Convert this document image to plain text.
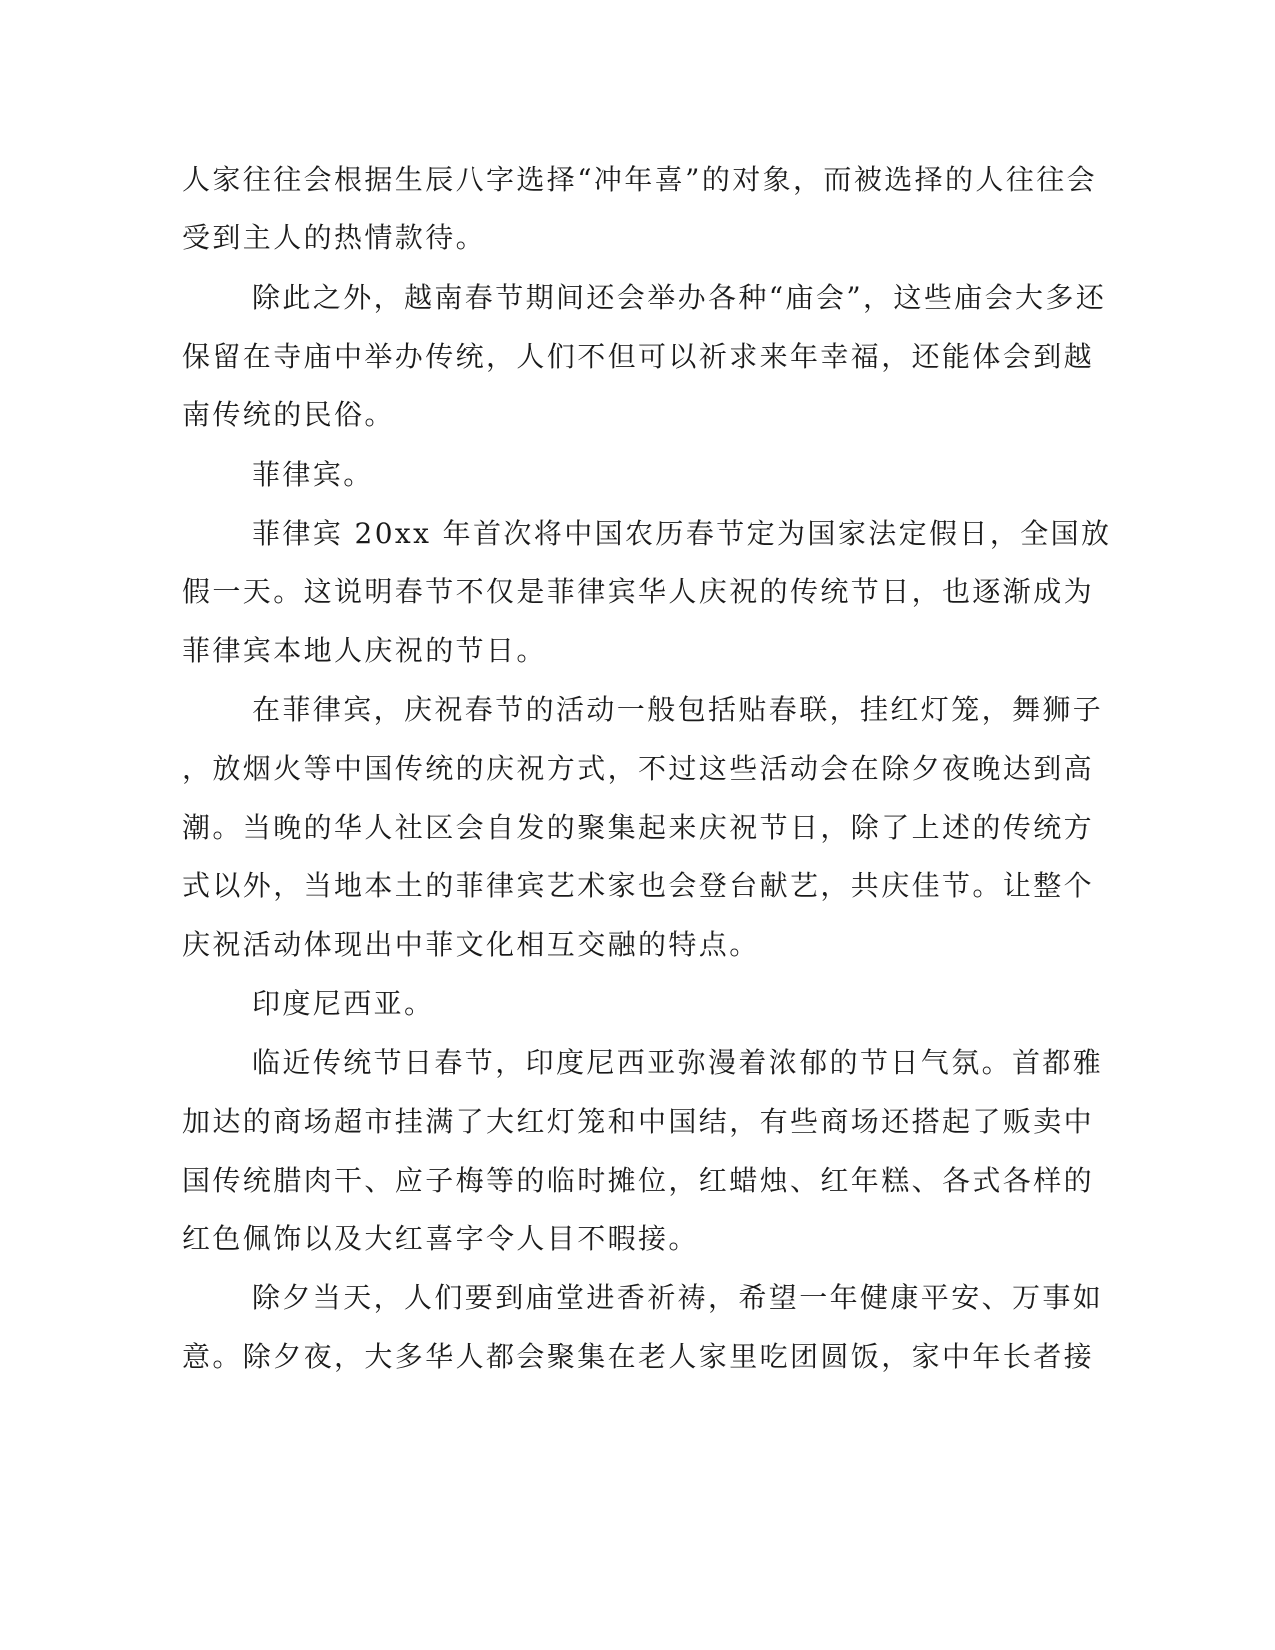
人家往往会根据生辰八字选择“冲年喜”的对象，而被选择的人往往会
受到主人的热情款待。
除此之外，越南春节期间还会举办各种“庙会”，这些庙会大多还
保留在寺庙中举办传统，人们不但可以祈求来年幸福，还能体会到越
南传统的民俗。
菲律宾。
菲律宾 20xx 年首次将中国农历春节定为国家法定假日，全国放
假一天。这说明春节不仅是菲律宾华人庆祝的传统节日，也逐渐成为
菲律宾本地人庆祝的节日。
在菲律宾，庆祝春节的活动一般包括贴春联，挂红灯笼，舞狮子
，放烟火等中国传统的庆祝方式，不过这些活动会在除夕夜晚达到高
潮。当晚的华人社区会自发的聚集起来庆祝节日，除了上述的传统方
式以外，当地本土的菲律宾艺术家也会登台献艺，共庆佳节。让整个
庆祝活动体现出中菲文化相互交融的特点。
印度尼西亚。
临近传统节日春节，印度尼西亚弥漫着浓郁的节日气氛。首都雅
加达的商场超市挂满了大红灯笼和中国结，有些商场还搭起了贩卖中
国传统腊肉干、应子梅等的临时摊位，红蜡烛、红年糕、各式各样的
红色佩饰以及大红喜字令人目不暇接。
除夕当天，人们要到庙堂进香祈祷，希望一年健康平安、万事如
意。除夕夜，大多华人都会聚集在老人家里吃团圆饭，家中年长者接
